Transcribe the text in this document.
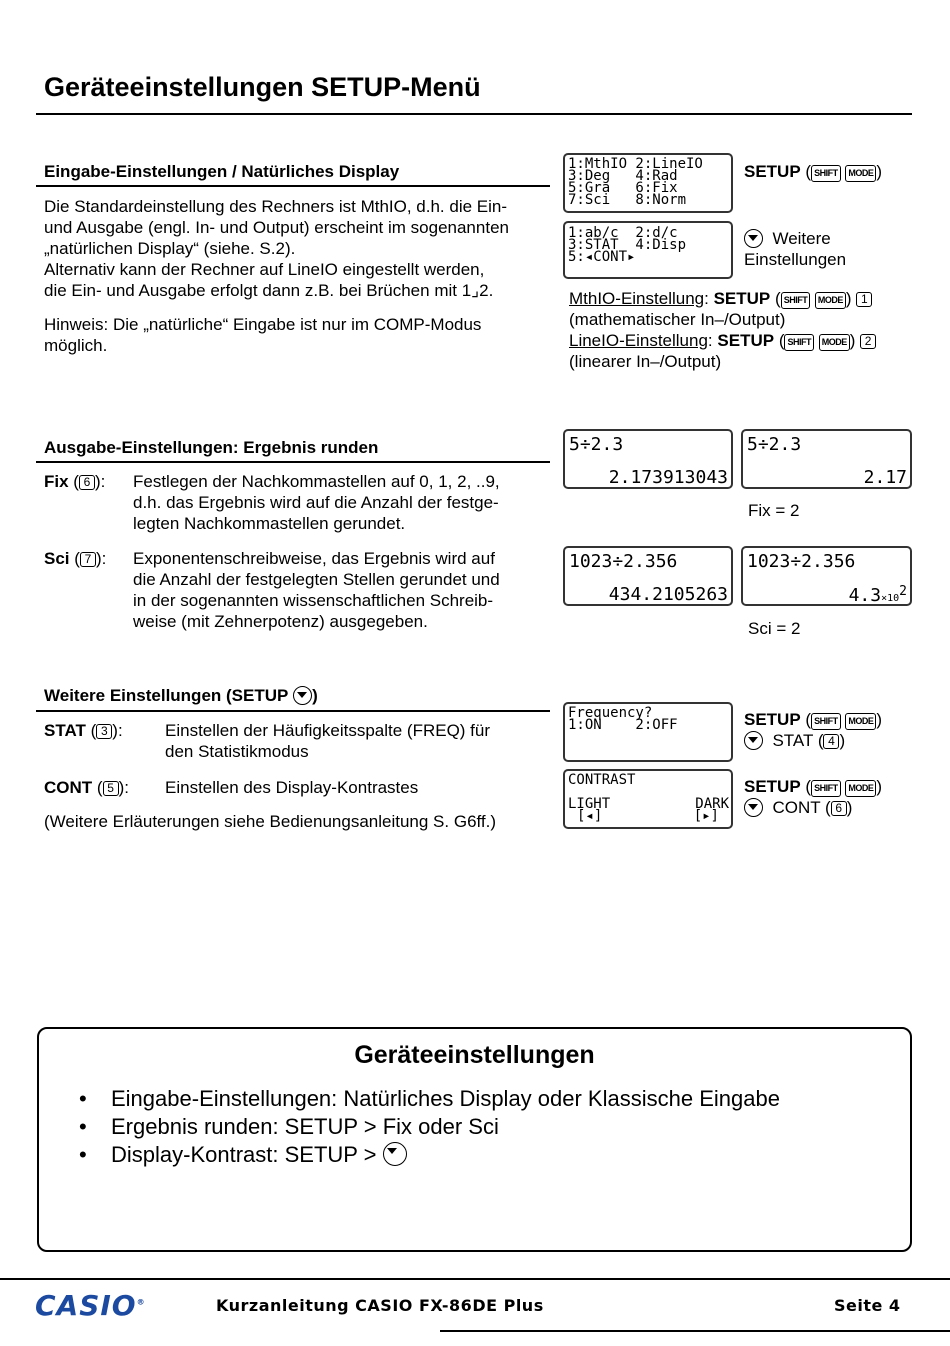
Geräteeinstellungen SETUP-Menü
Eingabe-Einstellungen / Natürliches Display
Die Standardeinstellung des Rechners ist MthIO, d.h. die Ein-
und Ausgabe (engl. In- und Output) erscheint im sogenannten
„natürlichen Display“ (siehe. S.2).
Alternativ kann der Rechner auf LineIO eingestellt werden,
die Ein- und Ausgabe erfolgt dann z.B. bei Brüchen mit 1⌟2.
Hinweis: Die „natürliche“ Eingabe ist nur im COMP-Modus
möglich.
1:MthIO 2:LineIO
3:Deg   4:Rad
5:Gra   6:Fix
7:Sci   8:Norm
1:ab/c  2:d/c
3:STAT  4:Disp
5:◂CONT▸
SETUP ( SHIFT MODE )
Weitere
Einstellungen
MthIO-Einstellung: SETUP ( SHIFT MODE ) 1
(mathematischer In–/Output)
LineIO-Einstellung: SETUP ( SHIFT MODE ) 2
(linearer In–/Output)
Ausgabe-Einstellungen: Ergebnis runden
Fix ( 6 ): Festlegen der Nachkommastellen auf 0, 1, 2, ..9,
d.h. das Ergebnis wird auf die Anzahl der festge-
legten Nachkommastellen gerundet.
Sci ( 7 ): Exponentenschreibweise, das Ergebnis wird auf
die Anzahl der festgelegten Stellen gerundet und
in der sogenannten wissenschaftlichen Schreib-
weise (mit Zehnerpotenz) ausgegeben.
5÷2.3
2.173913043
5÷2.3
2.17
Fix = 2
1023÷2.356
434.2105263
1023÷2.356
$4.3\times 10^2$
Sci = 2
Weitere Einstellungen (SETUP )
STAT ( 3 ): Einstellen der Häufigkeitsspalte (FREQ) für
den Statistikmodus
CONT ( 5 ): Einstellen des Display-Kontrastes
(Weitere Erläuterungen siehe Bedienungsanleitung S. G6ff.)
Frequency?
1:ON    2:OFF
CONTRAST
LIGHT	DARK
[◂]	[▸]
SETUP ( SHIFT MODE )
STAT ( 4 )
SETUP ( SHIFT MODE )
CONT ( 6 )
Geräteeinstellungen
• Eingabe-Einstellungen: Natürliches Display oder Klassische Eingabe
• Ergebnis runden: SETUP > Fix oder Sci
• Display-Kontrast: SETUP >
CASIO®	Kurzanleitung CASIO FX-86DE Plus	Seite 4
